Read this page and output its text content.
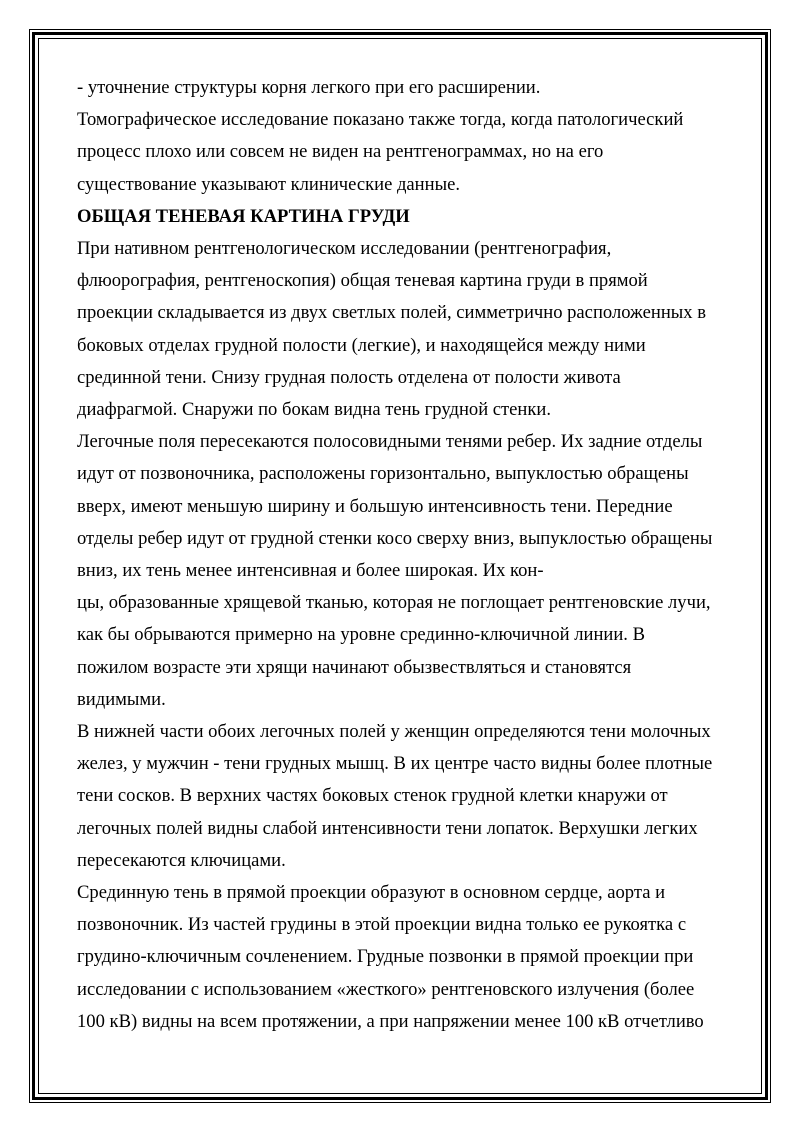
- уточнение структуры корня легкого при его расширении.
Томографическое исследование показано также тогда, когда патологический
процесс плохо или совсем не виден на рентгенограммах, но на его
существование указывают клинические данные.
ОБЩАЯ ТЕНЕВАЯ КАРТИНА ГРУДИ
При нативном рентгенологическом исследовании (рентгенография,
флюорография, рентгеноскопия) общая теневая картина груди в прямой
проекции складывается из двух светлых полей, симметрично расположенных в
боковых отделах грудной полости (легкие), и находящейся между ними
срединной тени. Снизу грудная полость отделена от полости живота
диафрагмой. Снаружи по бокам видна тень грудной стенки.
Легочные поля пересекаются полосовидными тенями ребер. Их задние отделы
идут от позвоночника, расположены горизонтально, выпуклостью обращены
вверх, имеют меньшую ширину и большую интенсивность тени. Передние
отделы ребер идут от грудной стенки косо сверху вниз, выпуклостью обращены
вниз, их тень менее интенсивная и более широкая. Их кон-
цы, образованные хрящевой тканью, которая не поглощает рентгеновские лучи,
как бы обрываются примерно на уровне срединно-ключичной линии. В
пожилом возрасте эти хрящи начинают обызвествляться и становятся
видимыми.
В нижней части обоих легочных полей у женщин определяются тени молочных
желез, у мужчин - тени грудных мышц. В их центре часто видны более плотные
тени сосков. В верхних частях боковых стенок грудной клетки кнаружи от
легочных полей видны слабой интенсивности тени лопаток. Верхушки легких
пересекаются ключицами.
Срединную тень в прямой проекции образуют в основном сердце, аорта и
позвоночник. Из частей грудины в этой проекции видна только ее рукоятка с
грудино-ключичным сочленением. Грудные позвонки в прямой проекции при
исследовании с использованием «жесткого» рентгеновского излучения (более
100 кВ) видны на всем протяжении, а при напряжении менее 100 кВ отчетливо
